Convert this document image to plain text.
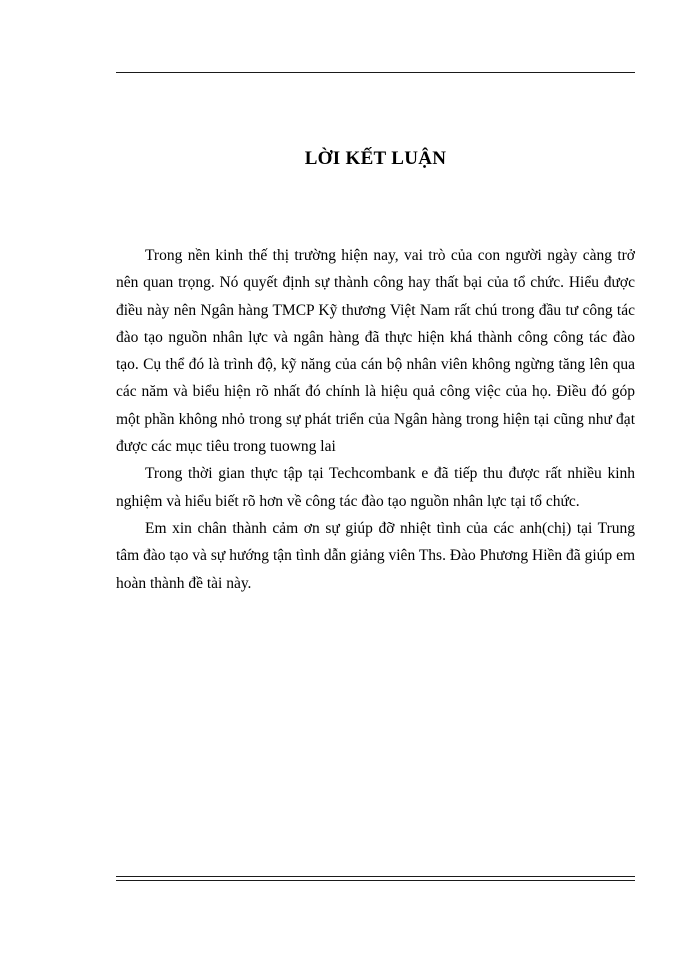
LỜI KẾT LUẬN

Trong nền kinh thế thị trường hiện nay, vai trò của con người ngày càng trở nên quan trọng. Nó quyết định sự thành công hay thất bại của tổ chức. Hiểu được điều này nên Ngân hàng TMCP Kỹ thương Việt Nam rất chú trong đầu tư công tác đào tạo nguồn nhân lực và ngân hàng đã thực hiện khá thành công công tác đào tạo. Cụ thể đó là trình độ, kỹ năng của cán bộ nhân viên không ngừng tăng lên qua các năm và biểu hiện rõ nhất đó chính là hiệu quả công việc của họ. Điều đó góp một phần không nhỏ trong sự phát triển của Ngân hàng trong hiện tại cũng như đạt được các mục tiêu trong tuowng lai

Trong thời gian thực tập tại Techcombank e đã tiếp thu được rất nhiều kinh nghiệm và hiểu biết rõ hơn về công tác đào tạo nguồn nhân lực tại tổ chức.

Em xin chân thành cảm ơn sự giúp đỡ nhiệt tình của các anh(chị) tại Trung tâm đào tạo và sự hướng tận tình dẫn giảng viên Ths. Đào Phương Hiền đã giúp em hoàn thành đề tài này.
